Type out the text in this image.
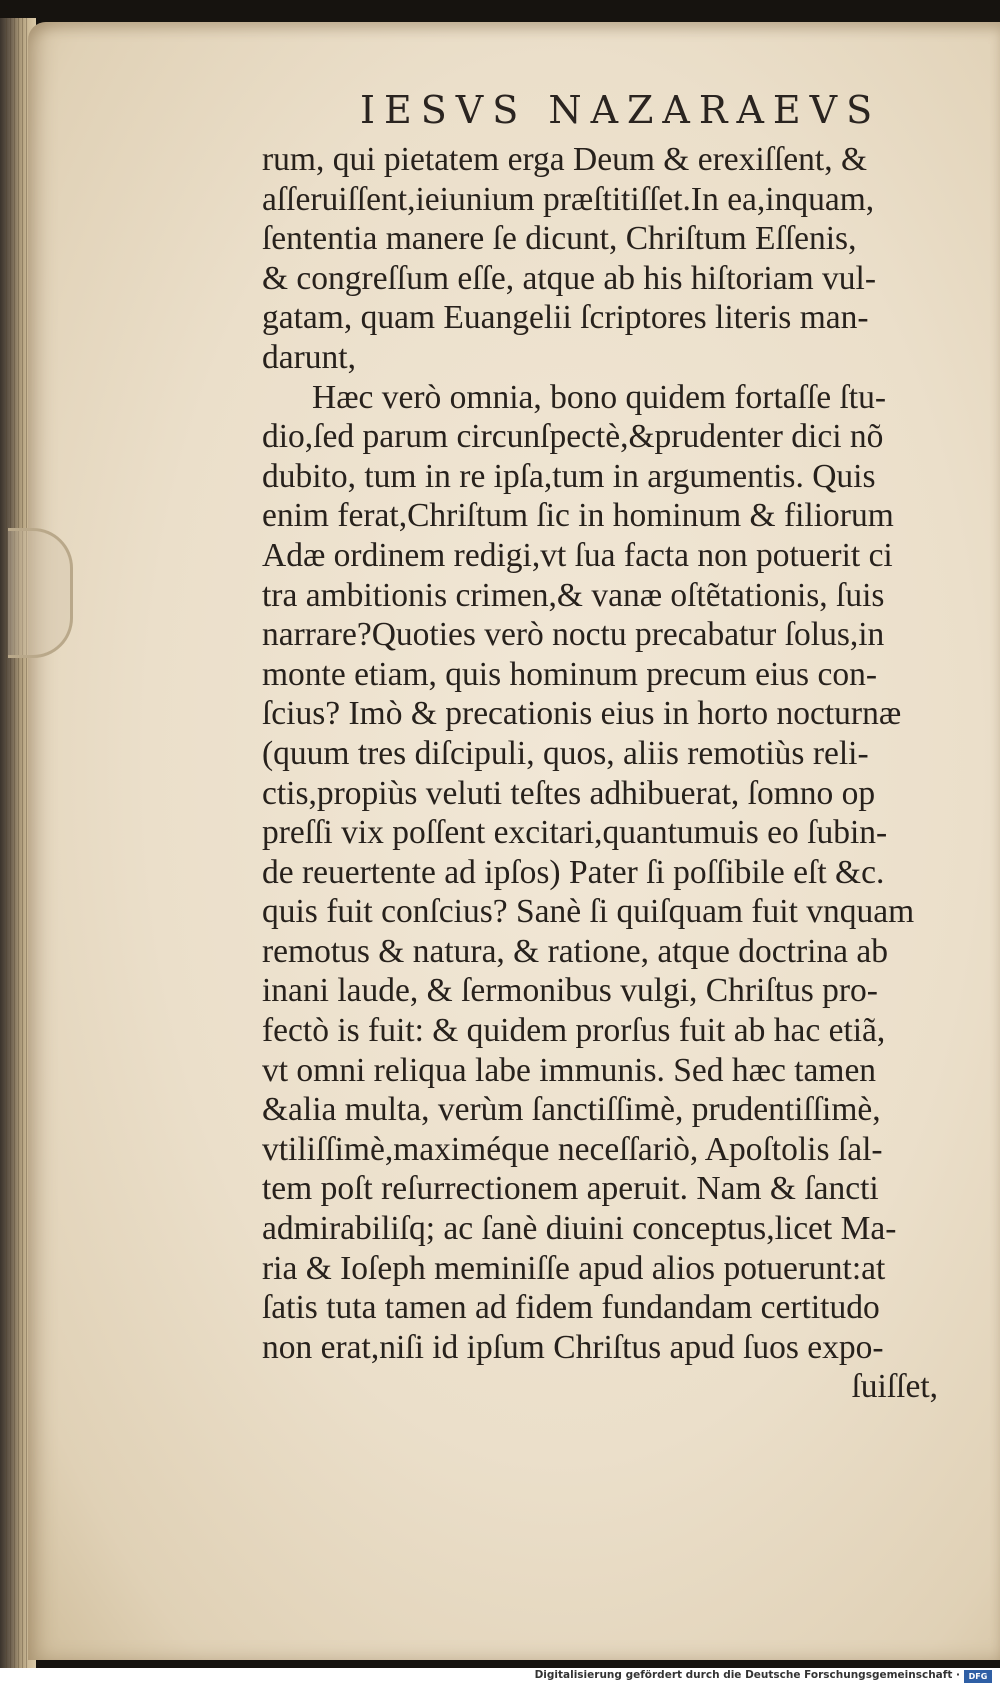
IESVS NAZARAEVS
rum, qui pietatem erga Deum & erexiſſent, &
aſſeruiſſent,ieiunium præſtitiſſet.In ea,inquam,
ſententia manere ſe dicunt, Chriſtum Eſſenis,
& congreſſum eſſe, atque ab his hiſtoriam vul-
gatam, quam Euangelii ſcriptores literis man-
darunt,
Hæc verò omnia, bono quidem fortaſſe ſtu-
dio,ſed parum circunſpectè,&prudenter dici nõ
dubito, tum in re ipſa,tum in argumentis. Quis
enim ferat,Chriſtum ſic in hominum & filiorum
Adæ ordinem redigi,vt ſua facta non potuerit ci
tra ambitionis crimen,& vanæ oſtẽtationis, ſuis
narrare?Quoties verò noctu precabatur ſolus,in
monte etiam, quis hominum precum eius con-
ſcius? Imò & precationis eius in horto nocturnæ
(quum tres diſcipuli, quos, aliis remotiùs reli-
ctis,propiùs veluti teſtes adhibuerat, ſomno op
preſſi vix poſſent excitari,quantumuis eo ſubin-
de reuertente ad ipſos) Pater ſi poſſibile eſt &c.
quis fuit conſcius? Sanè ſi quiſquam fuit vnquam
remotus & natura, & ratione, atque doctrina ab
inani laude, & ſermonibus vulgi, Chriſtus pro-
fectò is fuit: & quidem prorſus fuit ab hac etiã,
vt omni reliqua labe immunis. Sed hæc tamen
&alia multa, verùm ſanctiſſimè, prudentiſſimè,
vtiliſſimè,maximéque neceſſariò, Apoſtolis ſal-
tem poſt reſurrectionem aperuit. Nam & ſancti
admirabiliſq; ac ſanè diuini conceptus,licet Ma-
ria & Ioſeph meminiſſe apud alios potuerunt:at
ſatis tuta tamen ad fidem fundandam certitudo
non erat,niſi id ipſum Chriſtus apud ſuos expo-
ſuiſſet,
Digitalisierung gefördert durch die Deutsche Forschungsgemeinschaft ·	DFG
